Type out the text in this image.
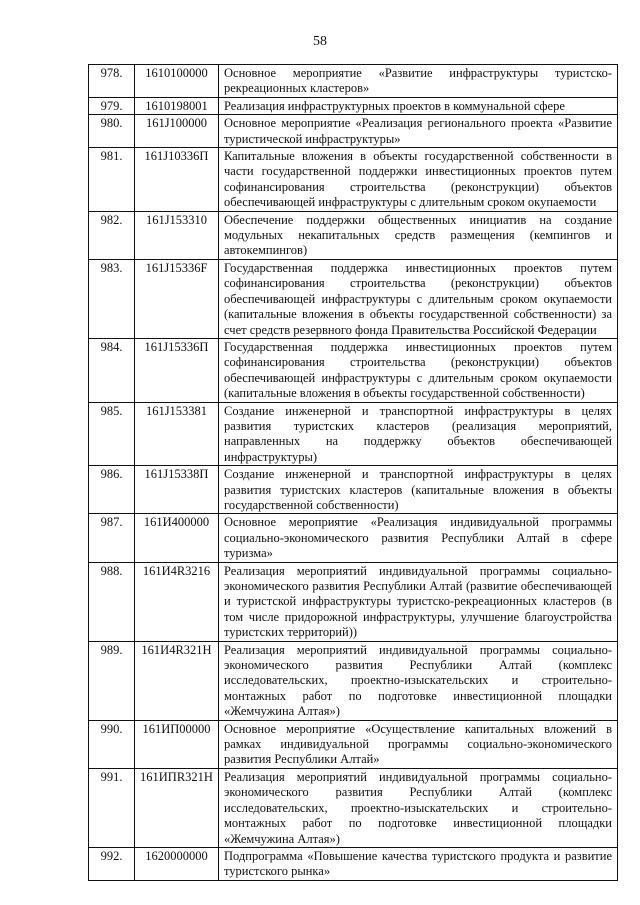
58
978.	1610100000	Основное мероприятие «Развитие инфраструктуры туристско-рекреационных кластеров»
979.	1610198001	Реализация инфраструктурных проектов в коммунальной сфере
980.	161J100000	Основное мероприятие «Реализация регионального проекта «Развитие туристической инфраструктуры»
981.	161J10336П	Капитальные вложения в объекты государственной собственности в части государственной поддержки инвестиционных проектов путем софинансирования строительства (реконструкции) объектов обеспечивающей инфраструктуры с длительным сроком окупаемости
982.	161J153310	Обеспечение поддержки общественных инициатив на создание модульных некапитальных средств размещения (кемпингов и автокемпингов)
983.	161J15336F	Государственная поддержка инвестиционных проектов путем софинансирования строительства (реконструкции) объектов обеспечивающей инфраструктуры с длительным сроком окупаемости (капитальные вложения в объекты государственной собственности) за счет средств резервного фонда Правительства Российской Федерации
984.	161J15336П	Государственная поддержка инвестиционных проектов путем софинансирования строительства (реконструкции) объектов обеспечивающей инфраструктуры с длительным сроком окупаемости (капитальные вложения в объекты государственной собственности)
985.	161J153381	Создание инженерной и транспортной инфраструктуры в целях развития туристских кластеров (реализация мероприятий, направленных на поддержку объектов обеспечивающей инфраструктуры)
986.	161J15338П	Создание инженерной и транспортной инфраструктуры в целях развития туристских кластеров (капитальные вложения в объекты государственной собственности)
987.	161И400000	Основное мероприятие «Реализация индивидуальной программы социально-экономического развития Республики Алтай в сфере туризма»
988.	161И4R3216	Реализация мероприятий индивидуальной программы социально-экономического развития Республики Алтай (развитие обеспечивающей и туристской инфраструктуры туристско-рекреационных кластеров (в том числе придорожной инфраструктуры, улучшение благоустройства туристских территорий))
989.	161И4R321Н	Реализация мероприятий индивидуальной программы социально-экономического развития Республики Алтай (комплекс исследовательских, проектно-изыскательских и строительно-монтажных работ по подготовке инвестиционной площадки «Жемчужина Алтая»)
990.	161ИП00000	Основное мероприятие «Осуществление капитальных вложений в рамках индивидуальной программы социально-экономического развития Республики Алтай»
991.	161ИПR321Н	Реализация мероприятий индивидуальной программы социально-экономического развития Республики Алтай (комплекс исследовательских, проектно-изыскательских и строительно-монтажных работ по подготовке инвестиционной площадки «Жемчужина Алтая»)
992.	1620000000	Подпрограмма «Повышение качества туристского продукта и развитие туристского рынка»
